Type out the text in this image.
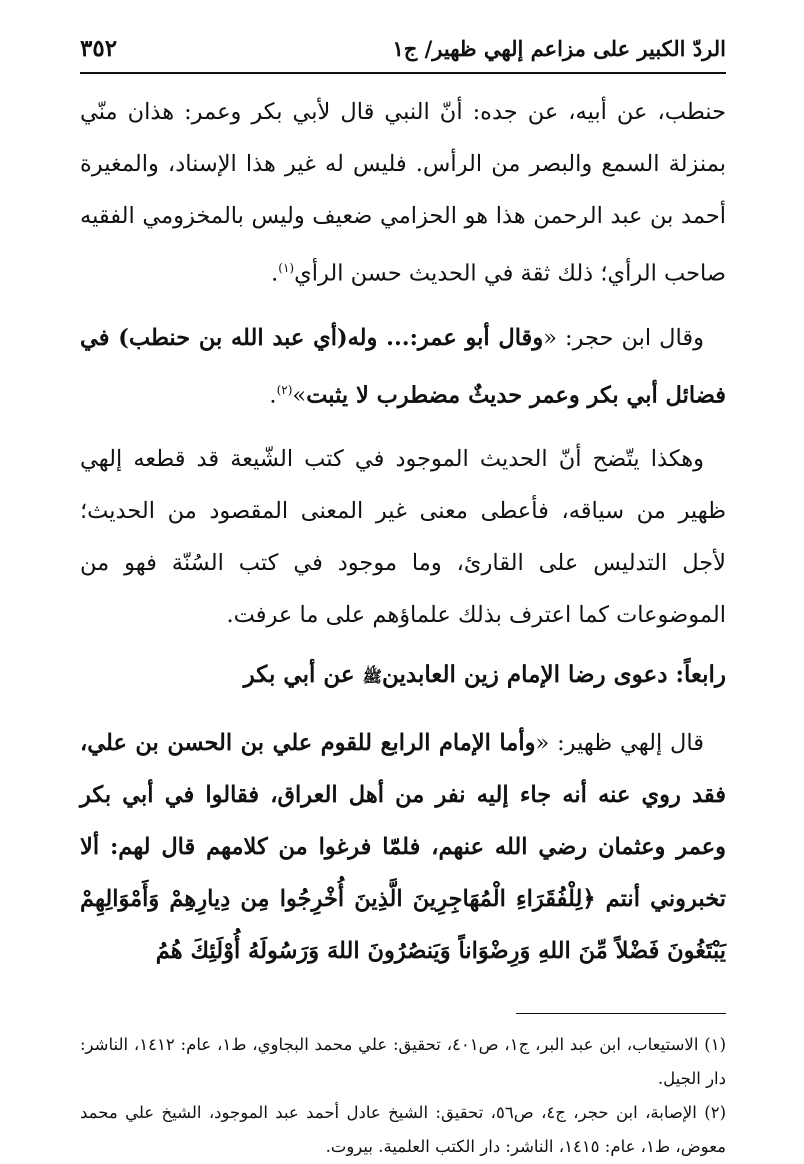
الردّ الكبير على مزاعم إلهي ظهير/ ج١
٣٥٢

حنطب، عن أبيه، عن جده: أنّ النبي قال لأبي بكر وعمر: هذان منّي بمنزلة السمع والبصر من الرأس. فليس له غير هذا الإسناد، والمغيرة أحمد بن عبد الرحمن هذا هو الحزامي ضعيف وليس بالمخزومي الفقيه صاحب الرأي؛ ذلك ثقة في الحديث حسن الرأي$^{(١)}$.

وقال ابن حجر: «وقال أبو عمر:... وله(أي عبد الله بن حنطب) في فضائل أبي بكر وعمر حديثٌ مضطرب لا يثبت»$^{(٢)}$.

وهكذا يتّضح أنّ الحديث الموجود في كتب الشّيعة قد قطعه إلهي ظهير من سياقه، فأعطى معنى غير المعنى المقصود من الحديث؛ لأجل التدليس على القارئ، وما موجود في كتب السُنّة فهو من الموضوعات كما اعترف بذلك علماؤهم على ما عرفت.

رابعاً: دعوى رضا الإمام زين العابدينﷺ عن أبي بكر

قال إلهي ظهير: «وأما الإمام الرابع للقوم علي بن الحسن بن علي، فقد روي عنه أنه جاء إليه نفر من أهل العراق، فقالوا في أبي بكر وعمر وعثمان رضي الله عنهم، فلمّا فرغوا من كلامهم قال لهم: ألا تخبروني أنتم ﴿لِلْفُقَرَاءِ الْمُهَاجِرِينَ الَّذِينَ أُخْرِجُوا مِن دِيارِهِمْ وَأَمْوَالِهِمْ يَبْتَغُونَ فَضْلاً مِّنَ اللهِ وَرِضْوَاناً وَيَنصُرُونَ اللهَ وَرَسُولَهُ أُوْلَئِكَ هُمُ

(١) الاستيعاب، ابن عبد البر، ج١، ص٤٠١، تحقيق: علي محمد البجاوي، ط١، عام: ١٤١٢، الناشر: دار الجيل.

(٢) الإصابة، ابن حجر، ج٤، ص٥٦، تحقيق: الشيخ عادل أحمد عبد الموجود، الشيخ علي محمد معوض، ط١، عام: ١٤١٥، الناشر: دار الكتب العلمية. بيروت.
